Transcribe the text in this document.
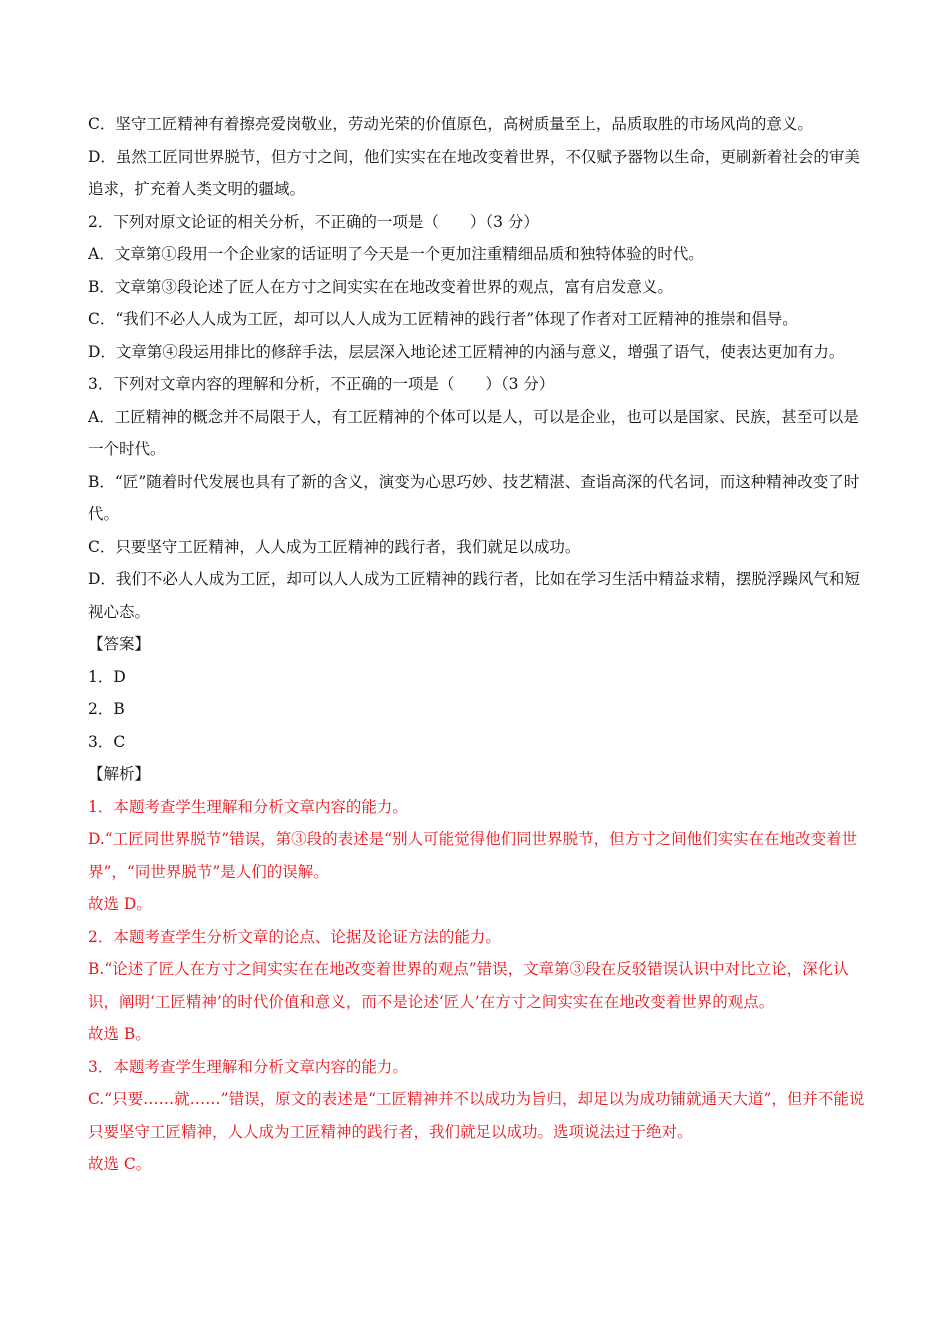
C．坚守工匠精神有着擦亮爱岗敬业，劳动光荣的价值原色，高树质量至上，品质取胜的市场风尚的意义。

D．虽然工匠同世界脱节，但方寸之间，他们实实在在地改变着世界，不仅赋予器物以生命，更刷新着社会的审美追求，扩充着人类文明的疆域。

2．下列对原文论证的相关分析，不正确的一项是（　　）（3 分）

A．文章第①段用一个企业家的话证明了今天是一个更加注重精细品质和独特体验的时代。

B．文章第③段论述了匠人在方寸之间实实在在地改变着世界的观点，富有启发意义。

C．“我们不必人人成为工匠，却可以人人成为工匠精神的践行者”体现了作者对工匠精神的推崇和倡导。

D．文章第④段运用排比的修辞手法，层层深入地论述工匠精神的内涵与意义，增强了语气，使表达更加有力。

3．下列对文章内容的理解和分析，不正确的一项是（　　）（3 分）

A．工匠精神的概念并不局限于人，有工匠精神的个体可以是人，可以是企业，也可以是国家、民族，甚至可以是一个时代。

B．“匠”随着时代发展也具有了新的含义，演变为心思巧妙、技艺精湛、查诣高深的代名词，而这种精神改变了时代。

C．只要坚守工匠精神，人人成为工匠精神的践行者，我们就足以成功。

D．我们不必人人成为工匠，却可以人人成为工匠精神的践行者，比如在学习生活中精益求精，摆脱浮躁风气和短视心态。

【答案】

1．D

2．B

3．C

【解析】

1．本题考查学生理解和分析文章内容的能力。

D.“工匠同世界脱节”错误，第③段的表述是“别人可能觉得他们同世界脱节，但方寸之间他们实实在在地改变着世界”，“同世界脱节”是人们的误解。

故选 D。

2．本题考查学生分析文章的论点、论据及论证方法的能力。

B.“论述了匠人在方寸之间实实在在地改变着世界的观点”错误，文章第③段在反驳错误认识中对比立论，深化认识，阐明‘工匠精神’的时代价值和意义，而不是论述‘匠人’在方寸之间实实在在地改变着世界的观点。

故选 B。

3．本题考查学生理解和分析文章内容的能力。

C.“只要……就……”错误，原文的表述是“工匠精神并不以成功为旨归，却足以为成功铺就通天大道”，但并不能说只要坚守工匠精神，人人成为工匠精神的践行者，我们就足以成功。选项说法过于绝对。

故选 C。
